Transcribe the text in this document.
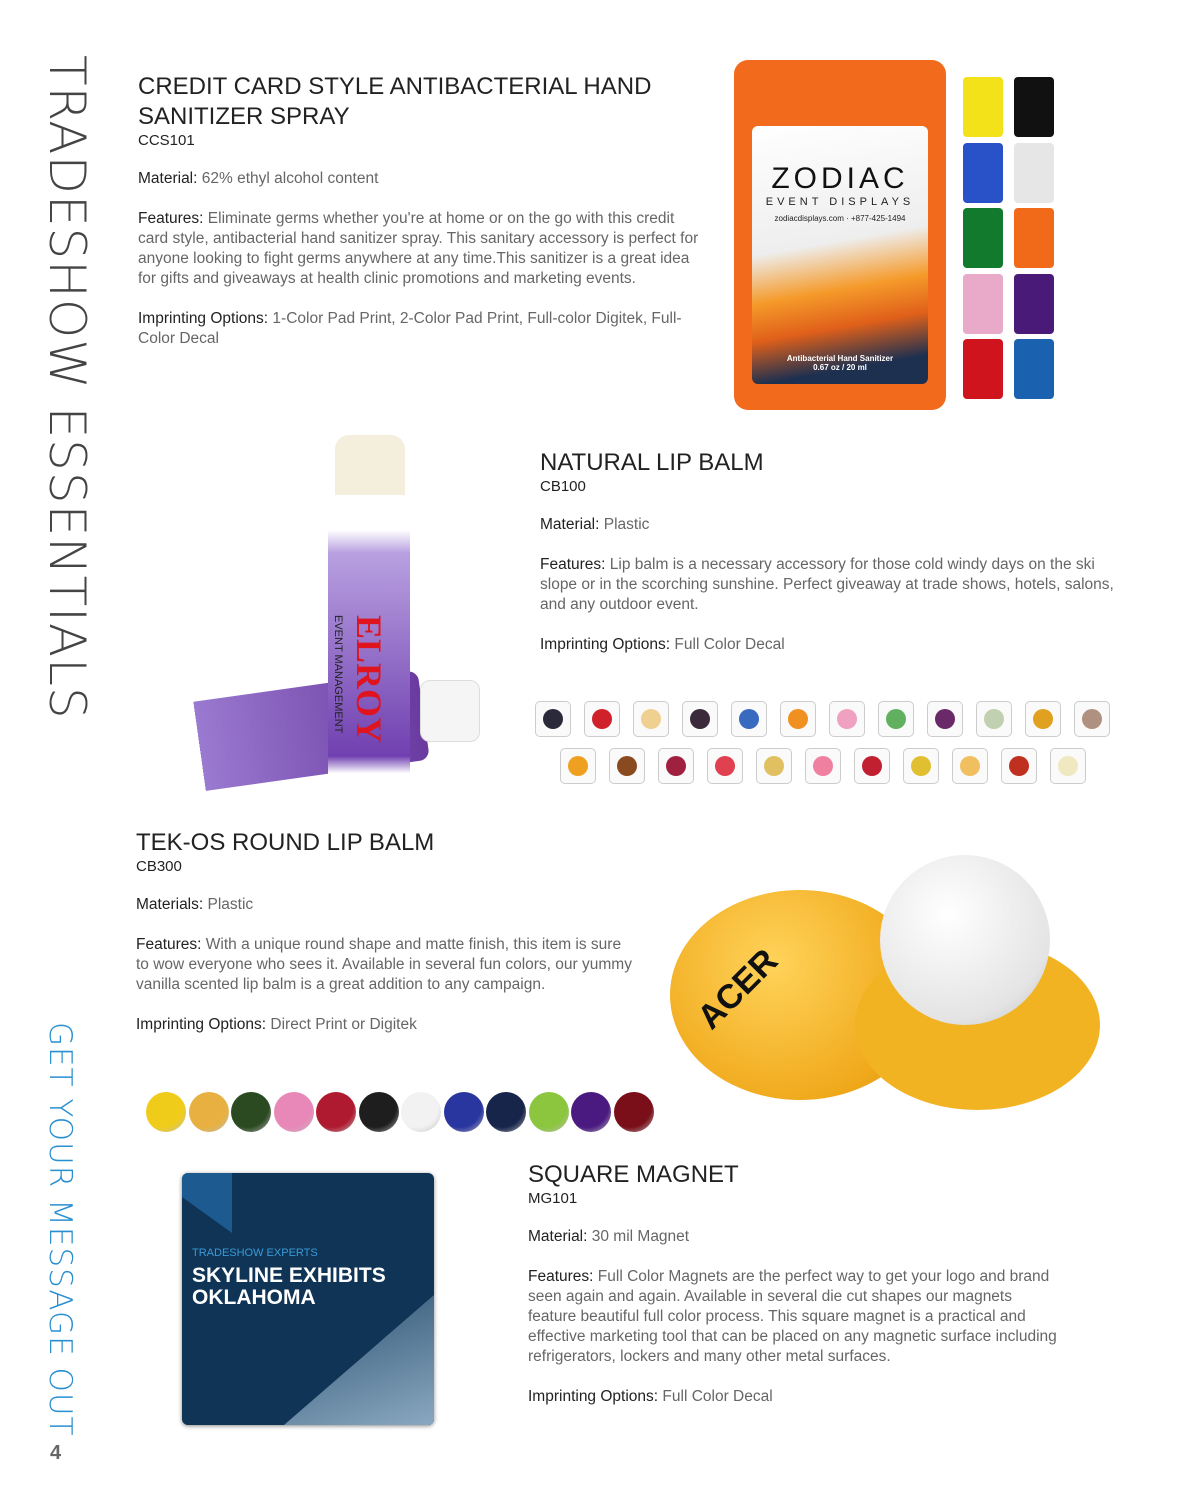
TRADESHOW ESSENTIALS
GET YOUR MESSAGE OUT
4
CREDIT CARD STYLE ANTIBACTERIAL HAND SANITIZER SPRAY
CCS101

Material: 62% ethyl alcohol content

Features: Eliminate germs whether you're at home or on the go with this credit card style, antibacterial hand sanitizer spray. This sanitary accessory is perfect for anyone looking to fight germs anywhere at any time.This sanitizer is a great idea for gifts and giveaways at health clinic promotions and marketing events.

Imprinting Options: 1-Color Pad Print, 2-Color Pad Print, Full-color Digitek, Full-Color Decal

ZODIAC
EVENT DISPLAYS
zodiacdisplays.com · +877-425-1494
Antibacterial Hand Sanitizer
0.67 oz / 20 ml
ELROY
EVENT MANAGEMENT
NATURAL LIP BALM
CB100

Material: Plastic

Features: Lip balm is a necessary accessory for those cold windy days on the ski slope or in the scorching sunshine. Perfect giveaway at trade shows, hotels, salons, and any outdoor event.

Imprinting Options: Full Color Decal

TEK-OS ROUND LIP BALM
CB300

Materials: Plastic

Features: With a unique round shape and matte finish, this item is sure to wow everyone who sees it. Available in several fun colors, our yummy vanilla scented lip balm is a great addition to any campaign.

Imprinting Options: Direct Print or Digitek	ACER
TRADESHOW EXPERTS
SKYLINE EXHIBITS
OKLAHOMA
SQUARE MAGNET
MG101

Material: 30 mil Magnet

Features: Full Color Magnets are the perfect way to get your logo and brand seen again and again. Available in several die cut shapes our magnets feature beautiful full color process. This square magnet is a practical and effective marketing tool that can be placed on any magnetic surface including refrigerators, lockers and many other metal surfaces.

Imprinting Options: Full Color Decal
